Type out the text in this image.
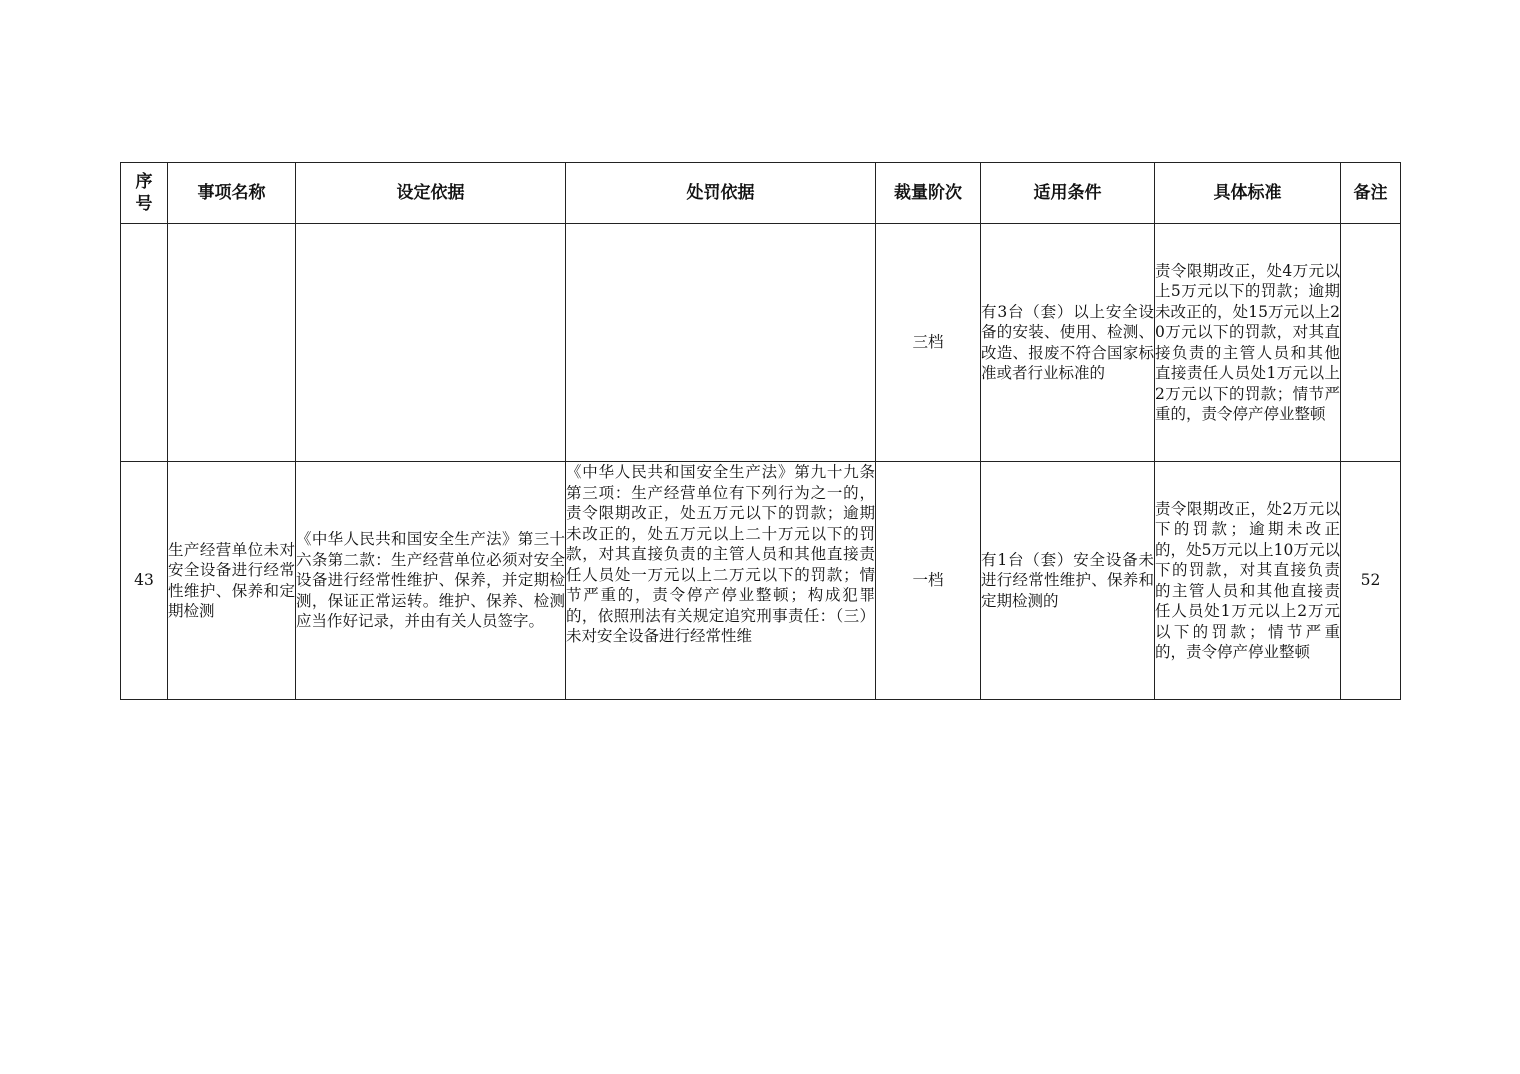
序
号	事项名称	设定依据	处罚依据	裁量阶次	适用条件	具体标准	备注
				三档	有3台（套）以上安全设备的安装、使用、检测、改造、报废不符合国家标准或者行业标准的	责令限期改正，处4万元以上5万元以下的罚款；逾期未改正的，处15万元以上20万元以下的罚款，对其直接负责的主管人员和其他直接责任人员处1万元以上2万元以下的罚款；情节严重的，责令停产停业整顿	
43	生产经营单位未对安全设备进行经常性维护、保养和定期检测	《中华人民共和国安全生产法》第三十六条第二款：生产经营单位必须对安全设备进行经常性维护、保养，并定期检测，保证正常运转。维护、保养、检测应当作好记录，并由有关人员签字。	《中华人民共和国安全生产法》第九十九条第三项：生产经营单位有下列行为之一的，责令限期改正，处五万元以下的罚款；逾期未改正的，处五万元以上二十万元以下的罚款，对其直接负责的主管人员和其他直接责任人员处一万元以上二万元以下的罚款；情节严重的，责令停产停业整顿；构成犯罪的，依照刑法有关规定追究刑事责任：（三）未对安全设备进行经常性维	一档	有1台（套）安全设备未进行经常性维护、保养和定期检测的	责令限期改正，处2万元以下的罚款；逾期未改正的，处5万元以上10万元以下的罚款，对其直接负责的主管人员和其他直接责任人员处1万元以上2万元以下的罚款；情节严重的，责令停产停业整顿	52
